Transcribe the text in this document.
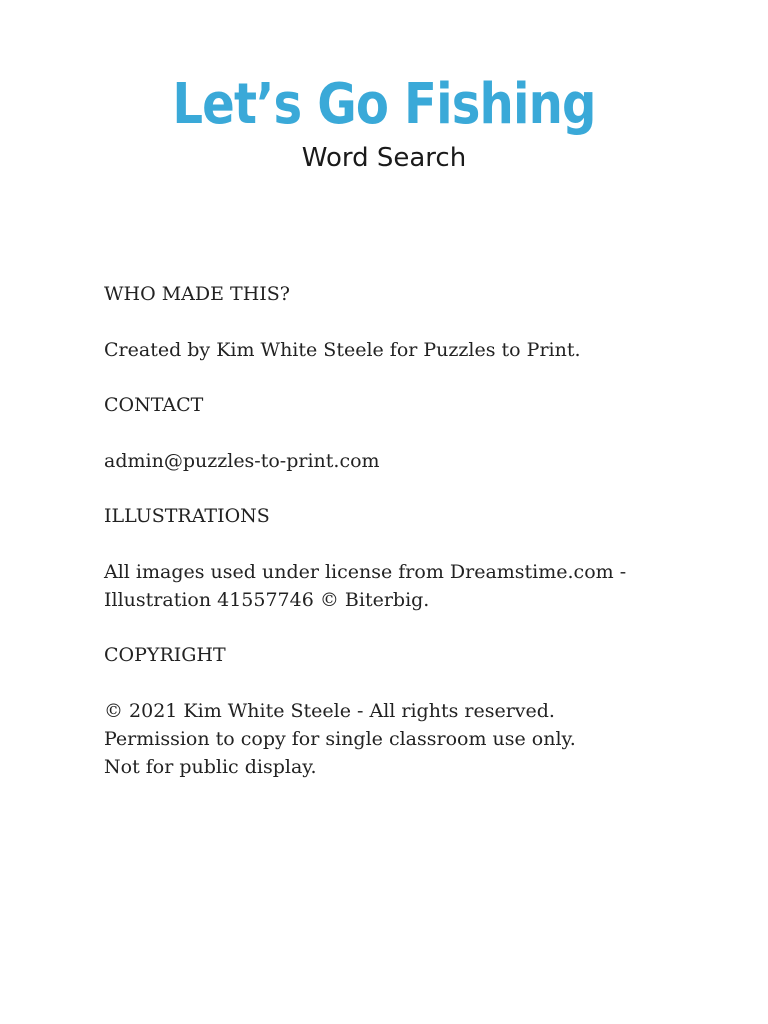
Let’s Go Fishing
Word Search
WHO MADE THIS?
Created by Kim White Steele for Puzzles to Print.
CONTACT
admin@puzzles-to-print.com
ILLUSTRATIONS
All images used under license from Dreamstime.com -
Illustration 41557746 © Biterbig.
COPYRIGHT
© 2021 Kim White Steele - All rights reserved.
Permission to copy for single classroom use only.
Not for public display.
